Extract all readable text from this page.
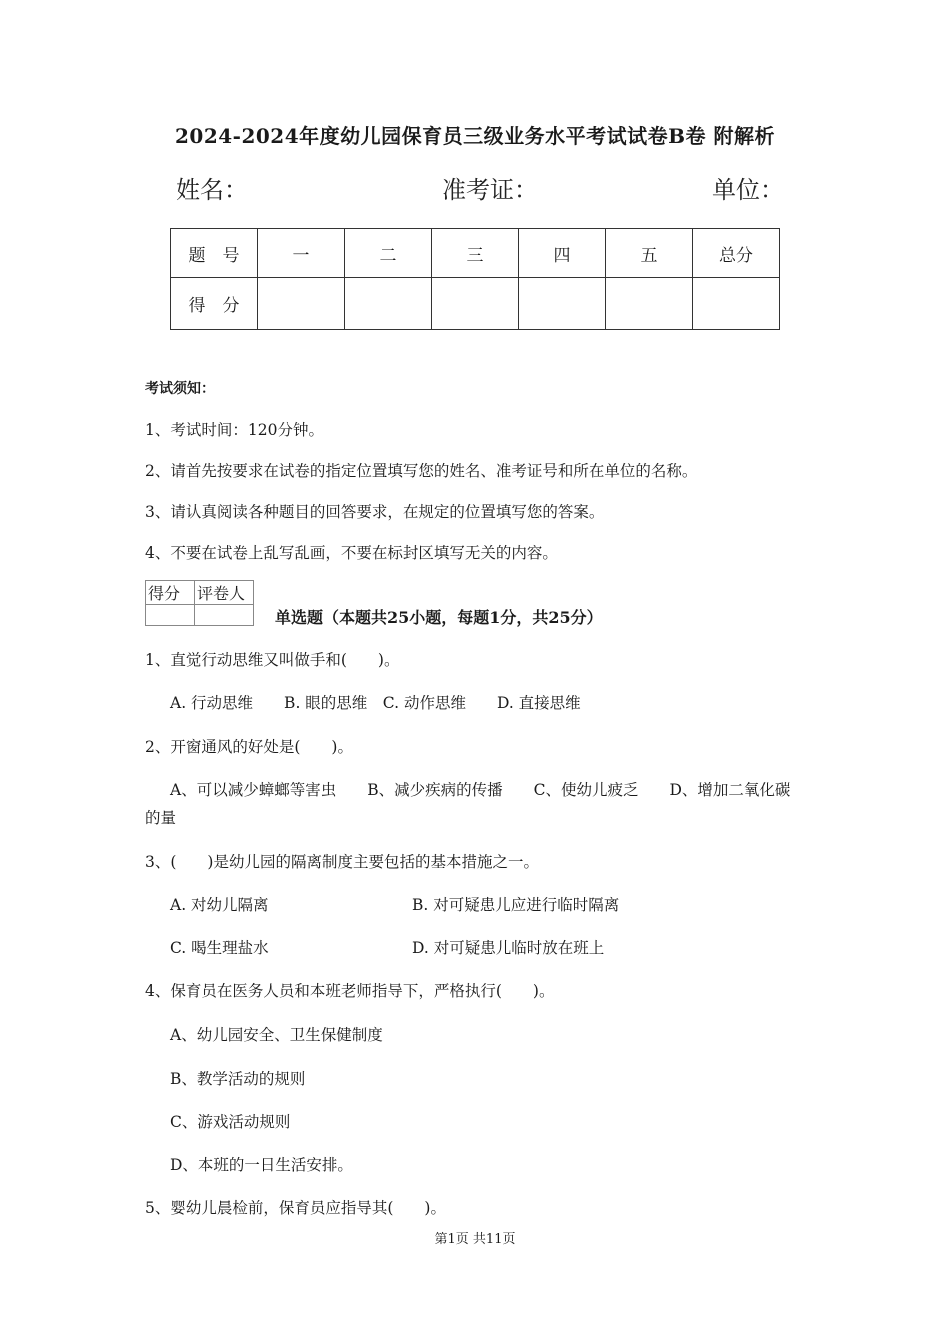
2024-2024年度幼儿园保育员三级业务水平考试试卷B卷 附解析
姓名：	准考证：	单位：
题　号	一	二	三	四	五	总分
得　分						
考试须知：
1、考试时间：120分钟。
2、请首先按要求在试卷的指定位置填写您的姓名、准考证号和所在单位的名称。
3、请认真阅读各种题目的回答要求，在规定的位置填写您的答案。
4、不要在试卷上乱写乱画，不要在标封区填写无关的内容。
得分	评卷人

单选题（本题共25小题，每题1分，共25分）
1、直觉行动思维又叫做手和(　　)。
A. 行动思维　　B. 眼的思维　C. 动作思维　　D. 直接思维
2、开窗通风的好处是(　　)。
A、可以减少蟑螂等害虫　　B、减少疾病的传播　　C、使幼儿疲乏　　D、增加二氧化碳
的量
3、(　　)是幼儿园的隔离制度主要包括的基本措施之一。
A. 对幼儿隔离	B. 对可疑患儿应进行临时隔离
C. 喝生理盐水	D. 对可疑患儿临时放在班上
4、保育员在医务人员和本班老师指导下，严格执行(　　)。
A、幼儿园安全、卫生保健制度
B、教学活动的规则
C、游戏活动规则
D、本班的一日生活安排。
5、婴幼儿晨检前，保育员应指导其(　　)。
第1页 共11页
